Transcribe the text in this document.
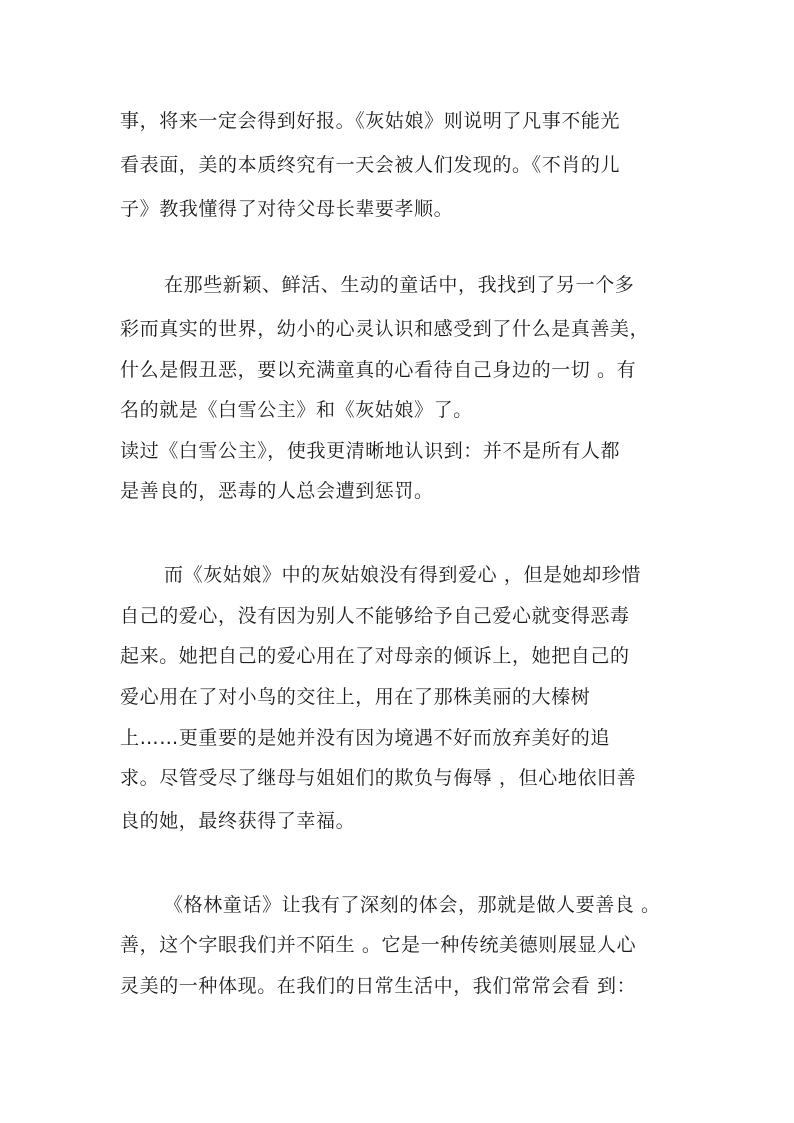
事，将来一定会得到好报。《灰姑娘》则说明了凡事不能光
看表面，美的本质终究有一天会被人们发现的。《不肖的儿
子》教我懂得了对待父母长辈要孝顺。
在那些新颖、鲜活、生动的童话中，我找到了另一个多
彩而真实的世界，幼小的心灵认识和感受到了什么是真善美，
什么是假丑恶，要以充满童真的心看待自己身边的一切 。有
名的就是《白雪公主》和《灰姑娘》了。
读过《白雪公主》，使我更清晰地认识到：并不是所有人都
是善良的，恶毒的人总会遭到惩罚。
而《灰姑娘》中的灰姑娘没有得到爱心 ，但是她却珍惜
自己的爱心，没有因为别人不能够给予自己爱心就变得恶毒
起来。她把自己的爱心用在了对母亲的倾诉上，她把自己的
爱心用在了对小鸟的交往上，用在了那株美丽的大榛树
上……更重要的是她并没有因为境遇不好而放弃美好的追
求。尽管受尽了继母与姐姐们的欺负与侮辱 ，但心地依旧善
良的她，最终获得了幸福。
《格林童话》让我有了深刻的体会，那就是做人要善良 。
善，这个字眼我们并不陌生 。它是一种传统美德则展显人心
灵美的一种体现。在我们的日常生活中，我们常常会看 到：
